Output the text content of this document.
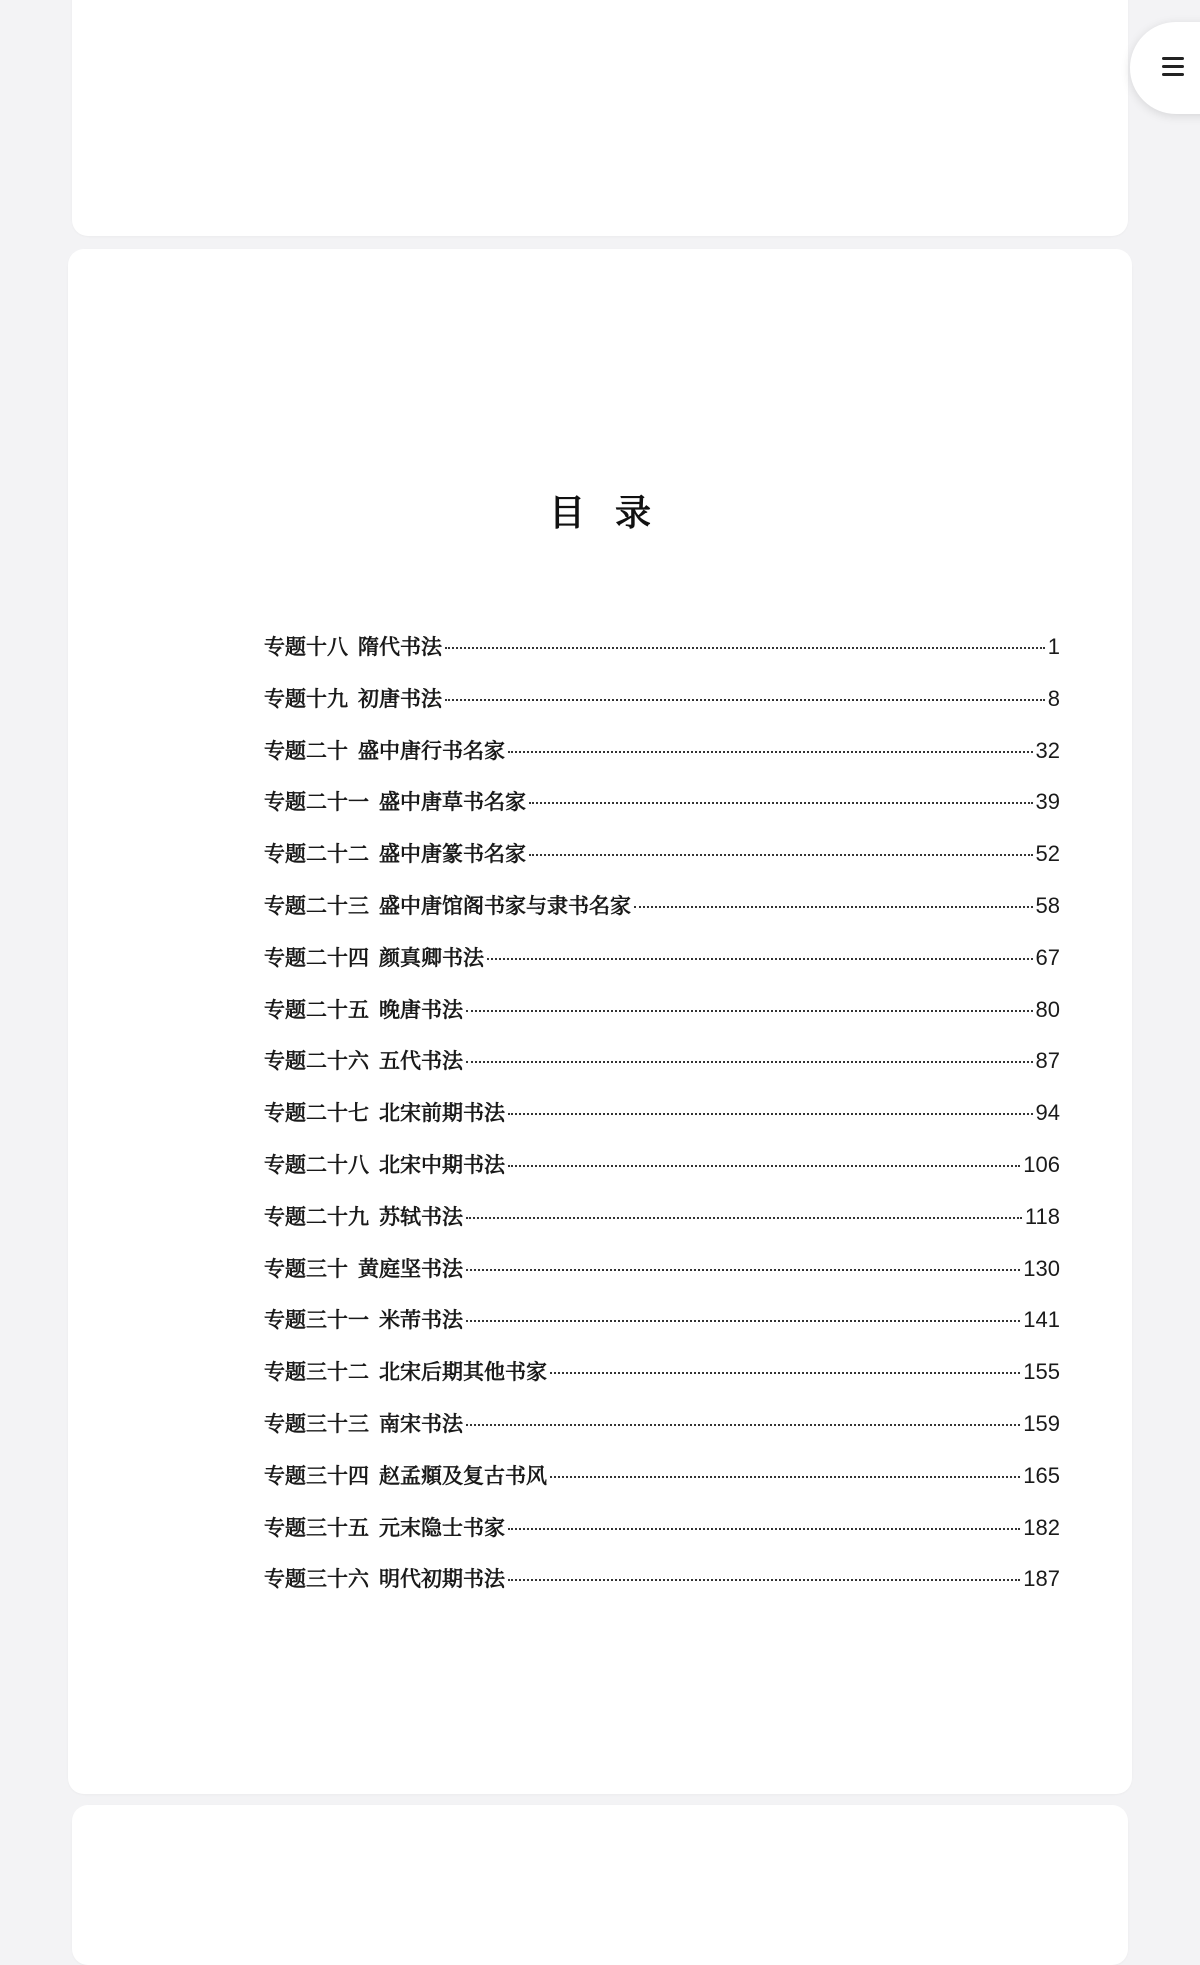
目录
专题十八 隋代书法	1
专题十九 初唐书法	8
专题二十 盛中唐行书名家	32
专题二十一 盛中唐草书名家	39
专题二十二 盛中唐篆书名家	52
专题二十三 盛中唐馆阁书家与隶书名家	58
专题二十四 颜真卿书法	67
专题二十五 晚唐书法	80
专题二十六 五代书法	87
专题二十七 北宋前期书法	94
专题二十八 北宋中期书法	106
专题二十九 苏轼书法	118
专题三十 黄庭坚书法	130
专题三十一 米芾书法	141
专题三十二 北宋后期其他书家	155
专题三十三 南宋书法	159
专题三十四 赵孟頫及复古书风	165
专题三十五 元末隐士书家	182
专题三十六 明代初期书法	187
